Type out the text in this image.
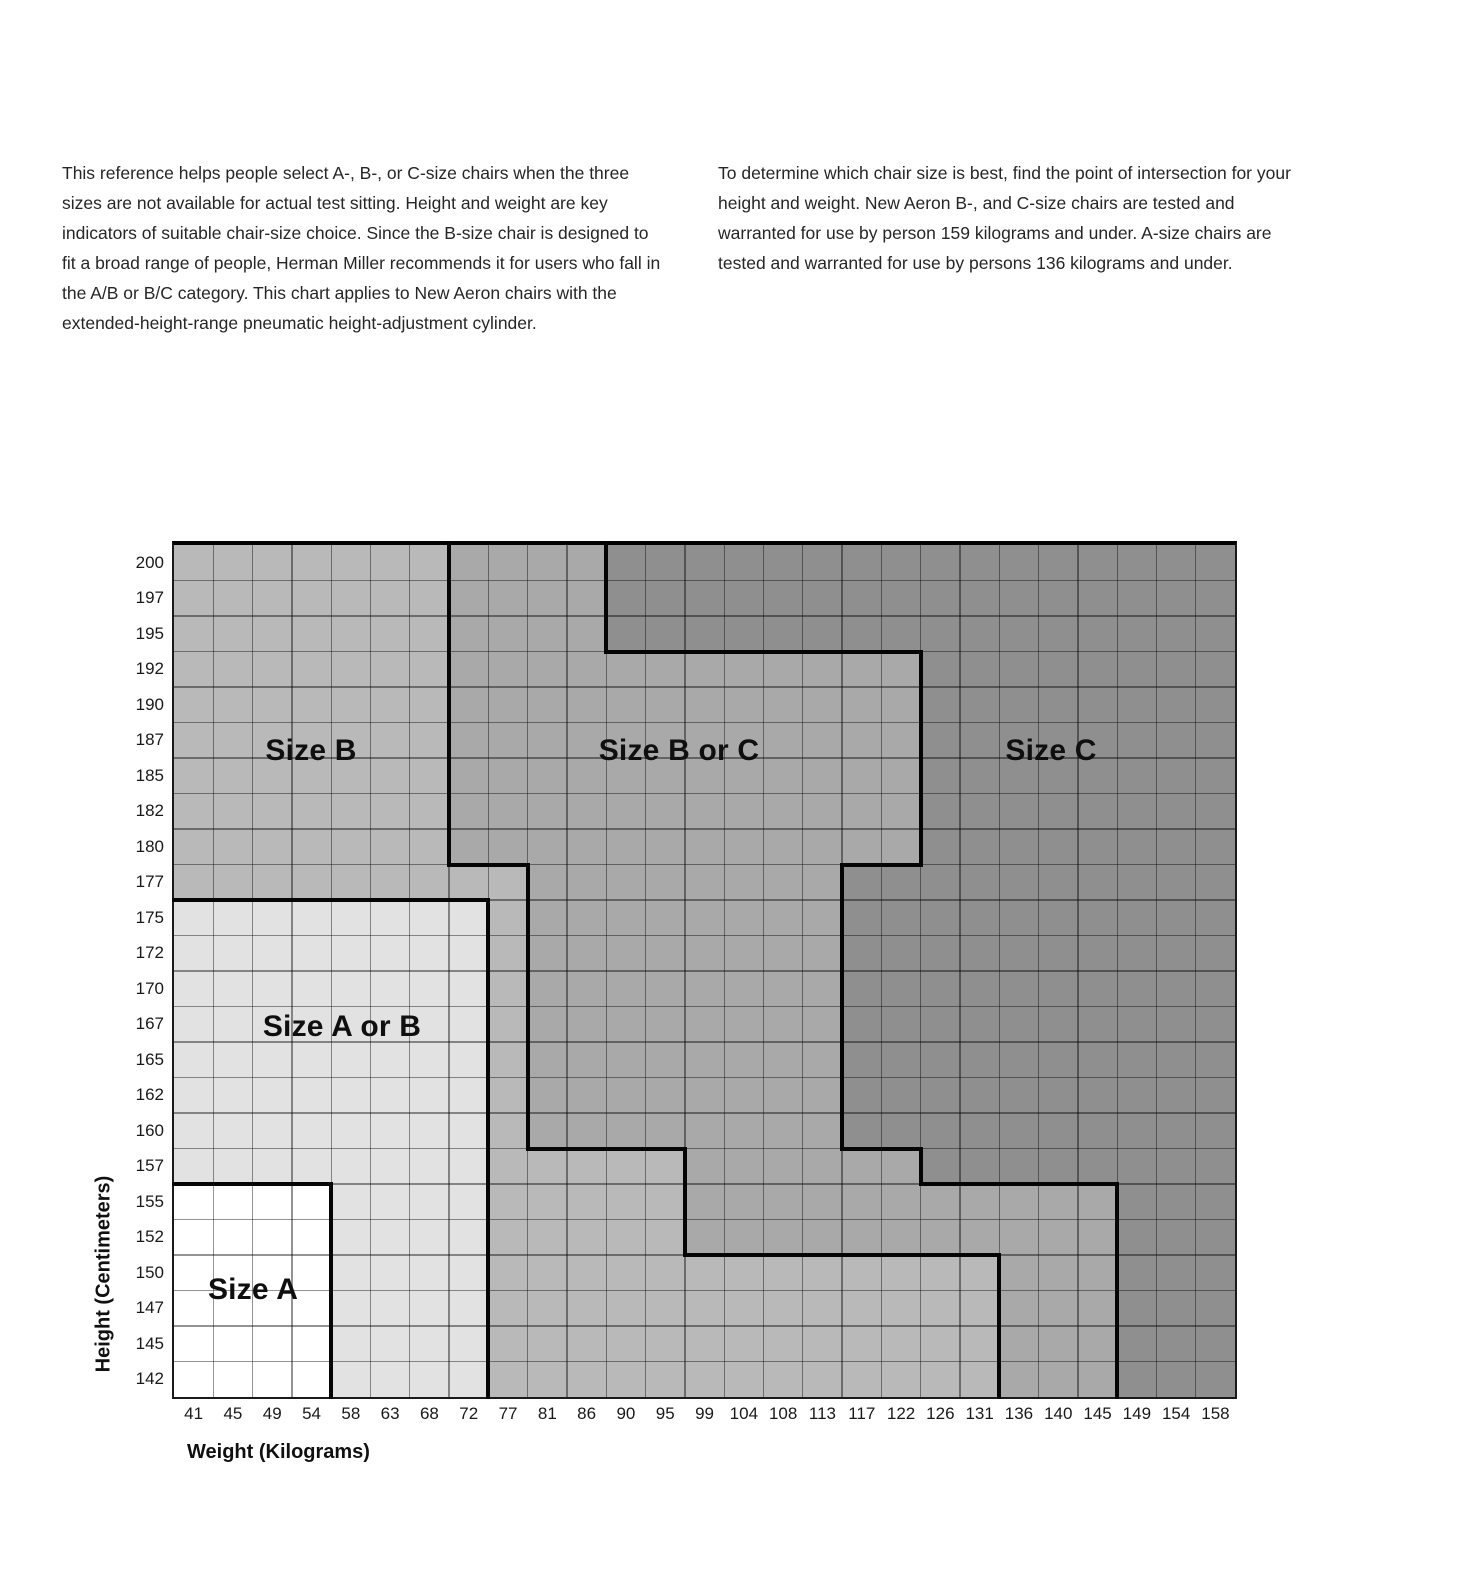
This reference helps people select A-, B-, or C-size chairs when the three sizes are not available for actual test sitting. Height and weight are key indicators of suitable chair-size choice. Since the B-size chair is designed to fit a broad range of people, Herman Miller recommends it for users who fall in the A/B or B/C category. This chart applies to New Aeron chairs with the extended-height-range pneumatic height-adjustment cylinder.
To determine which chair size is best, find the point of intersection for your height and weight. New Aeron B-, and C-size chairs are tested and warranted for use by person 159 kilograms and under. A-size chairs are tested and warranted for use by persons 136 kilograms and under.
200
197
195
192
190
187
185
182
180
177
175
172
170
167
165
162
160
157
155
152
150
147
145
142
41	45	49	54	58	63	68	72	77	81	86	90	95	99 104 108 113 117 122 126 131 136 140 145 149 154 158
Size A
Size A or B
Size B	Size B or C	Size C
Weight (Kilograms)
Height (Centimeters)
